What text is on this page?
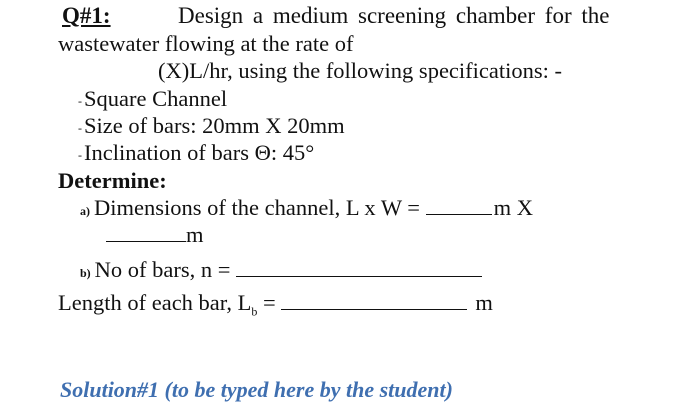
Q#1:	Design a medium screening chamber for the
wastewater flowing at the rate of
(X)L/hr, using the following specifications: -
-Square Channel
-Size of bars: 20mm X 20mm
-Inclination of bars Θ: 45°
Determine:
a) Dimensions of the channel, L x W =	m X
m
b) No of bars, n =
Length of each bar, $L_b$ =	m
Solution#1 (to be typed here by the student)
